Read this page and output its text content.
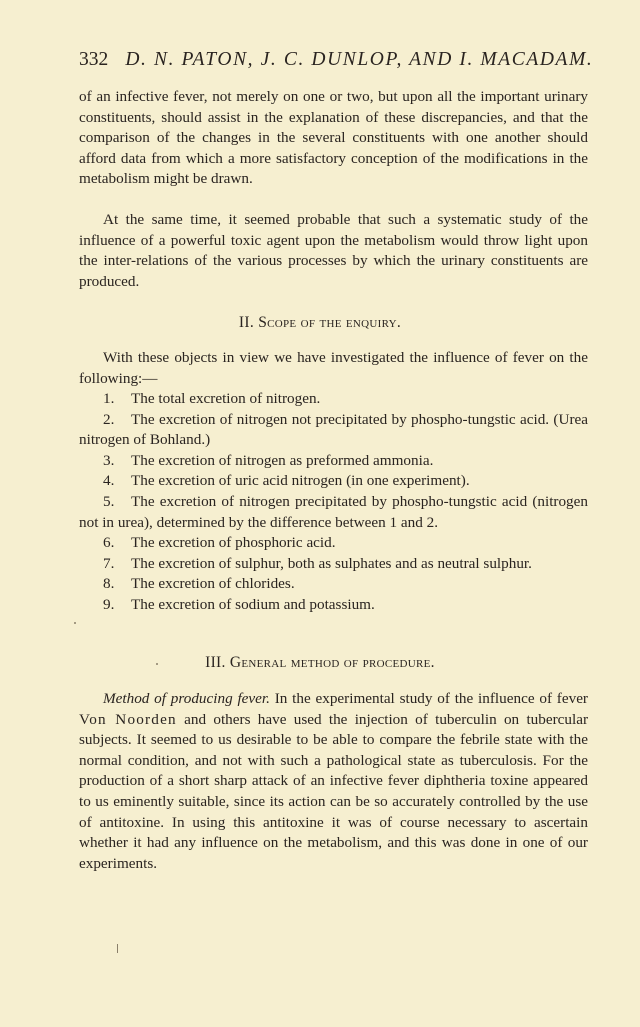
332 D. N. PATON, J. C. DUNLOP, AND I. MACADAM.

of an infective fever, not merely on one or two, but upon all the important urinary constituents, should assist in the explanation of these discrepancies, and that the comparison of the changes in the several constituents with one another should afford data from which a more satisfactory conception of the modifications in the metabolism might be drawn.

At the same time, it seemed probable that such a systematic study of the influence of a powerful toxic agent upon the metabolism would throw light upon the inter-relations of the various processes by which the urinary constituents are produced.

II. Scope of the enquiry.

With these objects in view we have investigated the influence of fever on the following:—

1. The total excretion of nitrogen.

2. The excretion of nitrogen not precipitated by phospho-tungstic acid. (Urea nitrogen of Bohland.)

3. The excretion of nitrogen as preformed ammonia.

4. The excretion of uric acid nitrogen (in one experiment).

5. The excretion of nitrogen precipitated by phospho-tungstic acid (nitrogen not in urea), determined by the difference between 1 and 2.

6. The excretion of phosphoric acid.

7. The excretion of sulphur, both as sulphates and as neutral sulphur.

8. The excretion of chlorides.

9. The excretion of sodium and potassium.

III. General method of procedure.

Method of producing fever. In the experimental study of the influence of fever Von Noorden and others have used the injection of tuberculin on tubercular subjects. It seemed to us desirable to be able to compare the febrile state with the normal condition, and not with such a pathological state as tuberculosis. For the production of a short sharp attack of an infective fever diphtheria toxine appeared to us eminently suitable, since its action can be so accurately controlled by the use of antitoxine. In using this antitoxine it was of course necessary to ascertain whether it had any influence on the metabolism, and this was done in one of our experiments.
